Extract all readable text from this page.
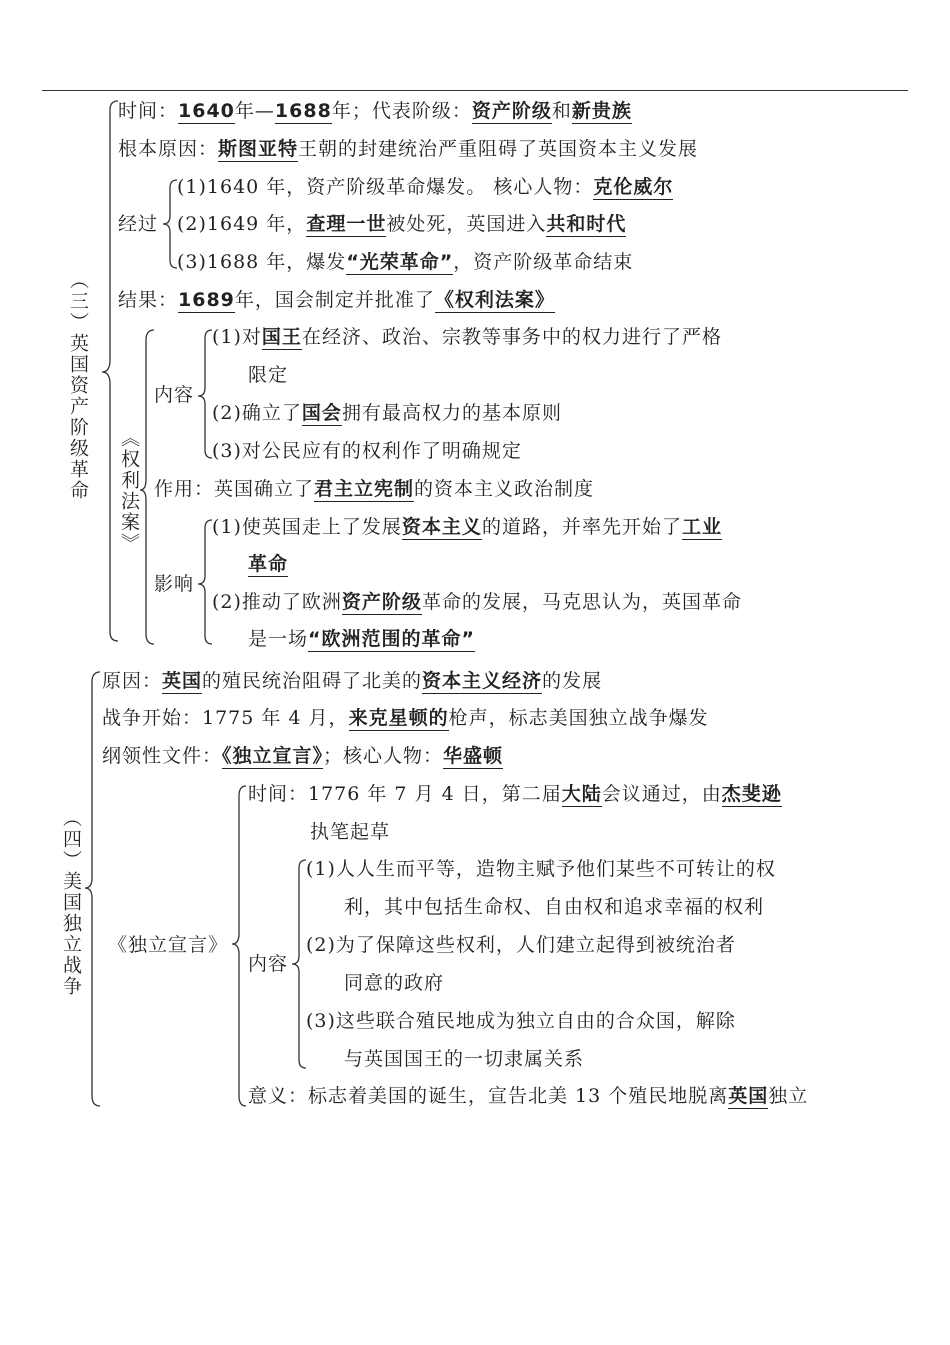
（三）英国资产阶级革命
时间：1640年—1688年；代表阶级：资产阶级和新贵族
根本原因：斯图亚特王朝的封建统治严重阻碍了英国资本主义发展
经过
(1)1640 年，资产阶级革命爆发。 核心人物：克伦威尔
(2)1649 年，查理一世被处死，英国进入共和时代
(3)1688 年，爆发“光荣革命”，资产阶级革命结束
结果：1689年，国会制定并批准了《权利法案》
《权利法案》
内容
(1)对国王在经济、政治、宗教等事务中的权力进行了严格
限定
(2)确立了国会拥有最高权力的基本原则
(3)对公民应有的权利作了明确规定
作用：英国确立了君主立宪制的资本主义政治制度
影响
(1)使英国走上了发展资本主义的道路，并率先开始了工业
革命
(2)推动了欧洲资产阶级革命的发展，马克思认为，英国革命
是一场“欧洲范围的革命”
（四）美国独立战争
原因：英国的殖民统治阻碍了北美的资本主义经济的发展
战争开始：1775 年 4 月，来克星顿的枪声，标志美国独立战争爆发
纲领性文件：《独立宣言》；核心人物：华盛顿
《独立宣言》
时间：1776 年 7 月 4 日，第二届大陆会议通过，由杰斐逊
执笔起草
内容
(1)人人生而平等，造物主赋予他们某些不可转让的权
利，其中包括生命权、自由权和追求幸福的权利
(2)为了保障这些权利，人们建立起得到被统治者
同意的政府
(3)这些联合殖民地成为独立自由的合众国，解除
与英国国王的一切隶属关系
意义：标志着美国的诞生，宣告北美 13 个殖民地脱离英国独立
